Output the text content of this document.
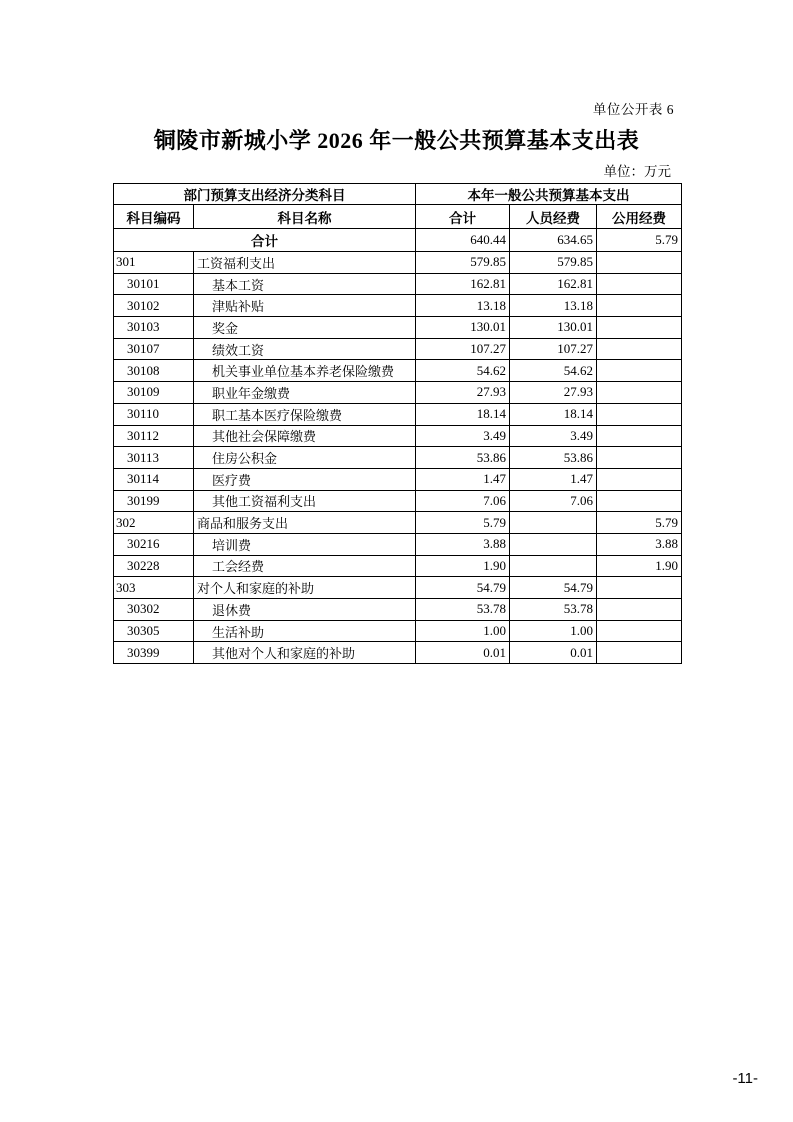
单位公开表 6
铜陵市新城小学 2026 年一般公共预算基本支出表
单位：万元
部门预算支出经济分类科目		本年一般公共预算基本支出		
科目编码	科目名称	合计	人员经费	公用经费
合计		640.44	634.65	5.79
301	工资福利支出	579.85	579.85	
30101	基本工资	162.81	162.81	
30102	津贴补贴	13.18	13.18	
30103	奖金	130.01	130.01	
30107	绩效工资	107.27	107.27	
30108	机关事业单位基本养老保险缴费	54.62	54.62	
30109	职业年金缴费	27.93	27.93	
30110	职工基本医疗保险缴费	18.14	18.14	
30112	其他社会保障缴费	3.49	3.49	
30113	住房公积金	53.86	53.86	
30114	医疗费	1.47	1.47	
30199	其他工资福利支出	7.06	7.06	
302	商品和服务支出	5.79		5.79
30216	培训费	3.88		3.88
30228	工会经费	1.90		1.90
303	对个人和家庭的补助	54.79	54.79	
30302	退休费	53.78	53.78	
30305	生活补助	1.00	1.00	
30399	其他对个人和家庭的补助	0.01	0.01	
-11-
